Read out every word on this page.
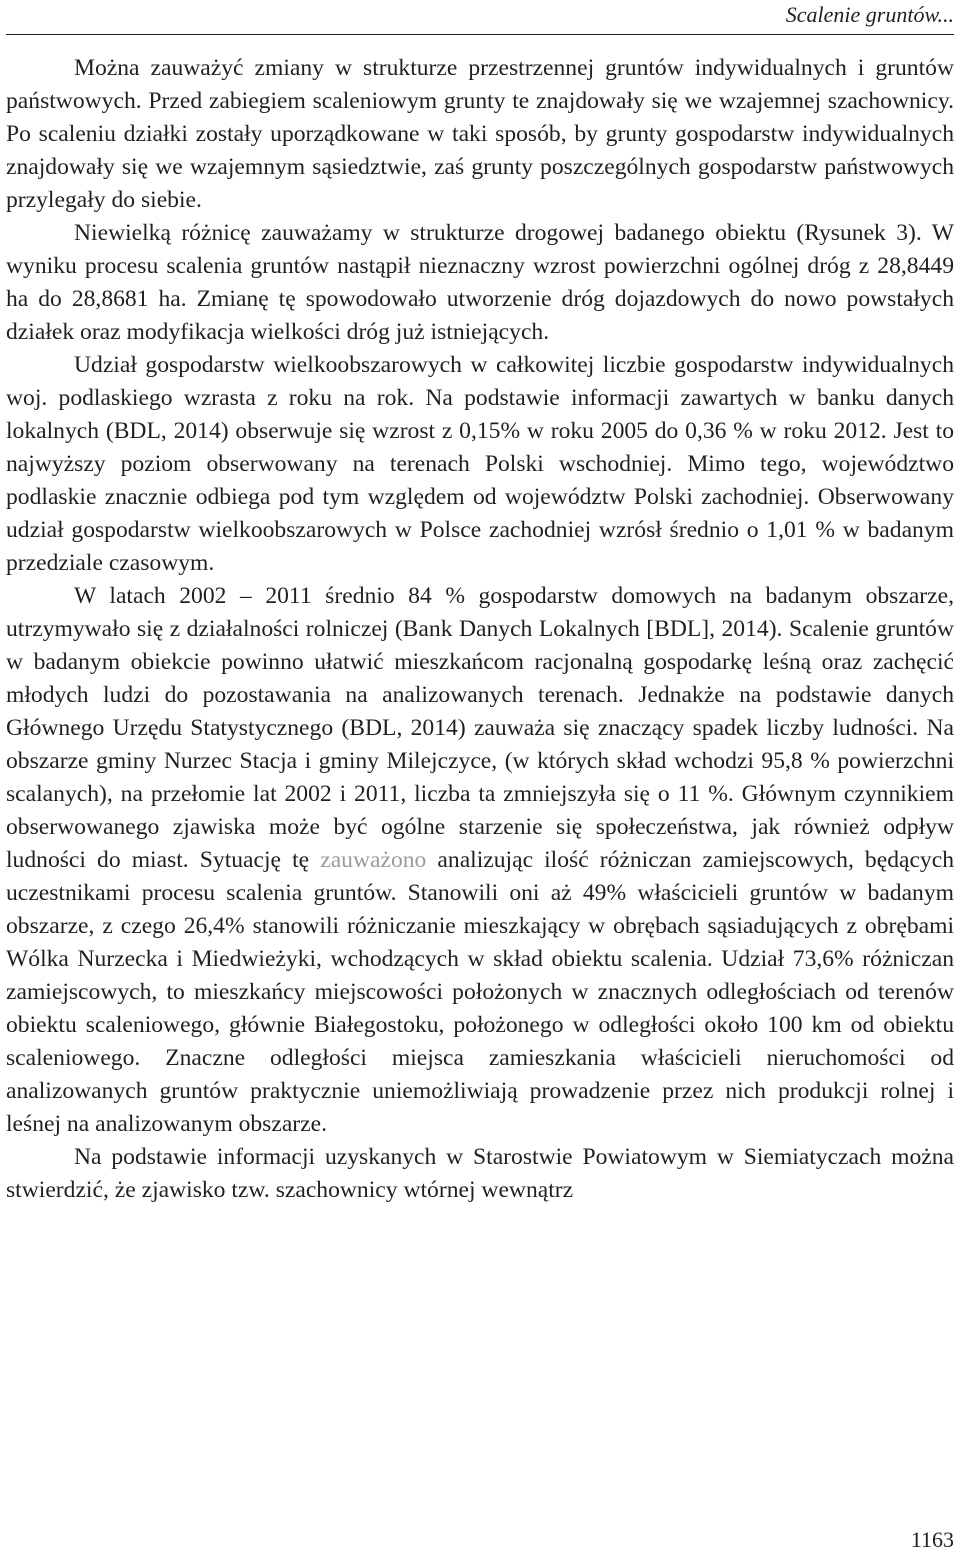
Scalenie gruntów...

Można zauważyć zmiany w strukturze przestrzennej gruntów indywidualnych i gruntów państwowych. Przed zabiegiem scaleniowym grunty te znajdowały się we wzajemnej szachownicy. Po scaleniu działki zostały uporządkowane w taki sposób, by grunty gospodarstw indywidualnych znajdowały się we wzajemnym sąsiedztwie, zaś grunty poszczególnych gospodarstw państwowych przylegały do siebie.

Niewielką różnicę zauważamy w strukturze drogowej badanego obiektu (Rysunek 3). W wyniku procesu scalenia gruntów nastąpił nieznaczny wzrost powierzchni ogólnej dróg z 28,8449 ha do 28,8681 ha. Zmianę tę spowodowało utworzenie dróg dojazdowych do nowo powstałych działek oraz modyfikacja wielkości dróg już istniejących.

Udział gospodarstw wielkoobszarowych w całkowitej liczbie gospodarstw indywidualnych woj. podlaskiego wzrasta z roku na rok. Na podstawie informacji zawartych w banku danych lokalnych (BDL, 2014) obserwuje się wzrost z 0,15% w roku 2005 do 0,36 % w roku 2012. Jest to najwyższy poziom obserwowany na terenach Polski wschodniej. Mimo tego, województwo podlaskie znacznie odbiega pod tym względem od województw Polski zachodniej. Obserwowany udział gospodarstw wielkoobszarowych w Polsce zachodniej wzrósł średnio o 1,01 % w badanym przedziale czasowym.

W latach 2002 – 2011 średnio 84 % gospodarstw domowych na badanym obszarze, utrzymywało się z działalności rolniczej (Bank Danych Lokalnych [BDL], 2014). Scalenie gruntów w badanym obiekcie powinno ułatwić mieszkańcom racjonalną gospodarkę leśną oraz zachęcić młodych ludzi do pozostawania na analizowanych terenach. Jednakże na podstawie danych Głównego Urzędu Statystycznego (BDL, 2014) zauważa się znaczący spadek liczby ludności. Na obszarze gminy Nurzec Stacja i gminy Milejczyce, (w których skład wchodzi 95,8 % powierzchni scalanych), na przełomie lat 2002 i 2011, liczba ta zmniejszyła się o 11 %. Głównym czynnikiem obserwowanego zjawiska może być ogólne starzenie się społeczeństwa, jak również odpływ ludności do miast. Sytuację tę zauważono analizując ilość różniczan zamiejscowych, będących uczestnikami procesu scalenia gruntów. Stanowili oni aż 49% właścicieli gruntów w badanym obszarze, z czego 26,4% stanowili różniczanie mieszkający w obrębach sąsiadujących z obrębami Wólka Nurzecka i Miedwieżyki, wchodzących w skład obiektu scalenia. Udział 73,6% różniczan zamiejscowych, to mieszkańcy miejscowości położonych w znacznych odległościach od terenów obiektu scaleniowego, głównie Białegostoku, położonego w odległości około 100 km od obiektu scaleniowego. Znaczne odległości miejsca zamieszkania właścicieli nieruchomości od analizowanych gruntów praktycznie uniemożliwiają prowadzenie przez nich produkcji rolnej i leśnej na analizowanym obszarze.

Na podstawie informacji uzyskanych w Starostwie Powiatowym w Siemiatyczach można stwierdzić, że zjawisko tzw. szachownicy wtórnej wewnątrz

1163
